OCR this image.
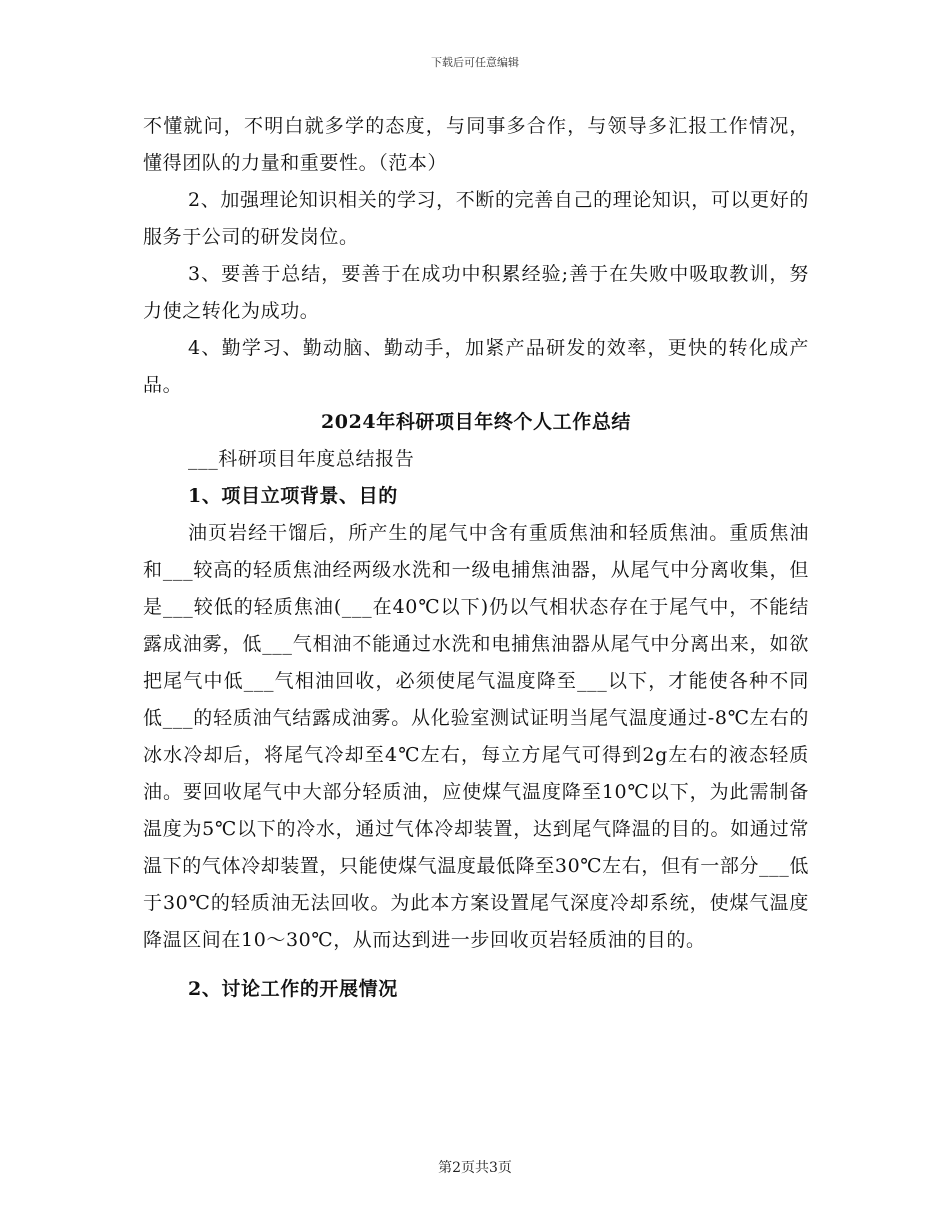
下载后可任意编辑

不懂就问，不明白就多学的态度，与同事多合作，与领导多汇报工作情况，懂得团队的力量和重要性。（范本）

2、加强理论知识相关的学习，不断的完善自己的理论知识，可以更好的服务于公司的研发岗位。

3、要善于总结，要善于在成功中积累经验;善于在失败中吸取教训，努力使之转化为成功。

4、勤学习、勤动脑、勤动手，加紧产品研发的效率，更快的转化成产品。

2024年科研项目年终个人工作总结

___科研项目年度总结报告

1、项目立项背景、目的

油页岩经干馏后，所产生的尾气中含有重质焦油和轻质焦油。重质焦油和___较高的轻质焦油经两级水洗和一级电捕焦油器，从尾气中分离收集，但是___较低的轻质焦油(___在40℃以下)仍以气相状态存在于尾气中，不能结露成油雾，低___气相油不能通过水洗和电捕焦油器从尾气中分离出来，如欲把尾气中低___气相油回收，必须使尾气温度降至___以下，才能使各种不同低___的轻质油气结露成油雾。从化验室测试证明当尾气温度通过-8℃左右的冰水冷却后，将尾气冷却至4℃左右，每立方尾气可得到2g左右的液态轻质油。要回收尾气中大部分轻质油，应使煤气温度降至10℃以下，为此需制备温度为5℃以下的冷水，通过气体冷却装置，达到尾气降温的目的。如通过常温下的气体冷却装置，只能使煤气温度最低降至30℃左右，但有一部分___低于30℃的轻质油无法回收。为此本方案设置尾气深度冷却系统，使煤气温度降温区间在10～30℃，从而达到进一步回收页岩轻质油的目的。

2、讨论工作的开展情况

第2页共3页
